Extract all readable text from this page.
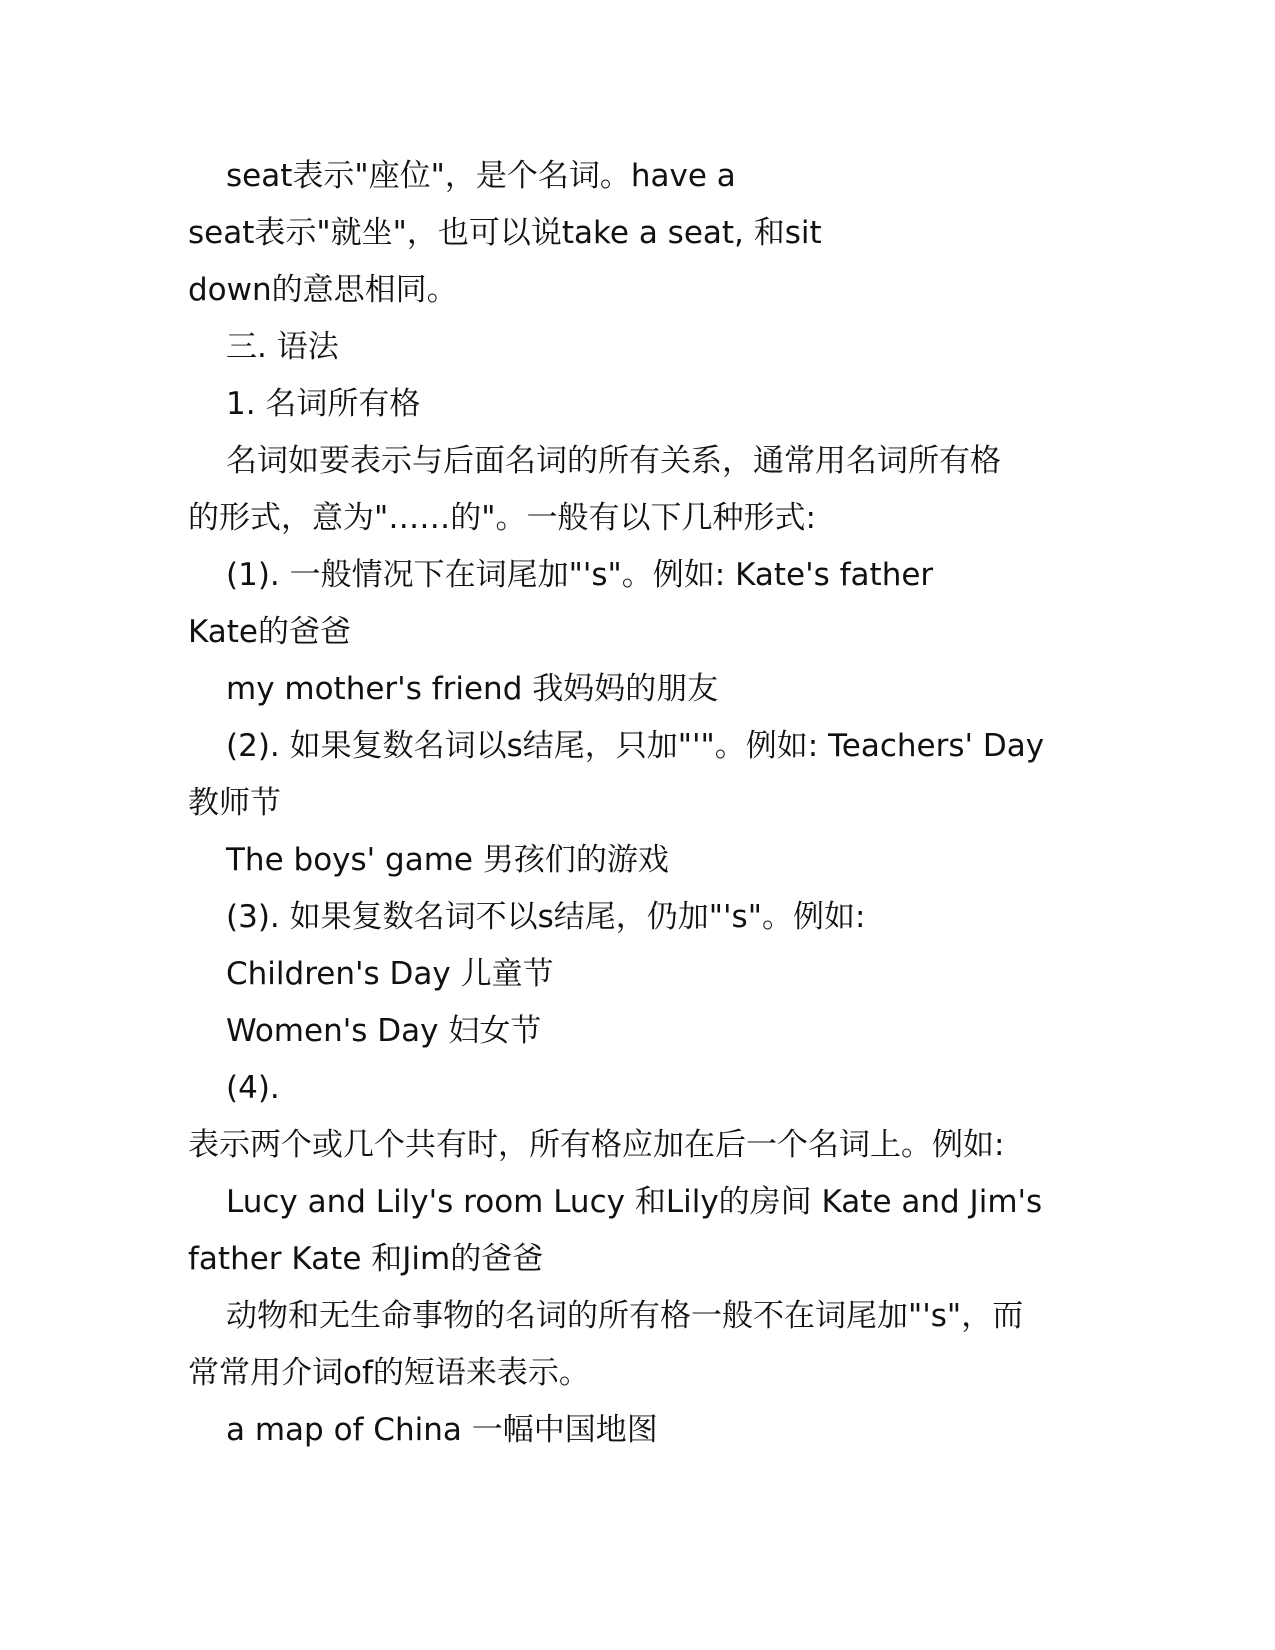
seat表示"座位"，是个名词。have a
seat表示"就坐"，也可以说take a seat, 和sit
down的意思相同。
三. 语法
1. 名词所有格
名词如要表示与后面名词的所有关系，通常用名词所有格
的形式，意为"……的"。一般有以下几种形式:
(1). 一般情况下在词尾加"'s"。例如: Kate's father
Kate的爸爸
my mother's friend 我妈妈的朋友
(2). 如果复数名词以s结尾，只加"'"。例如: Teachers' Day
教师节
The boys' game 男孩们的游戏
(3). 如果复数名词不以s结尾，仍加"'s"。例如:
Children's Day 儿童节
Women's Day 妇女节
(4).
表示两个或几个共有时，所有格应加在后一个名词上。例如:
Lucy and Lily's room Lucy 和Lily的房间 Kate and Jim's
father Kate 和Jim的爸爸
动物和无生命事物的名词的所有格一般不在词尾加"'s"，而
常常用介词of的短语来表示。
a map of China 一幅中国地图
